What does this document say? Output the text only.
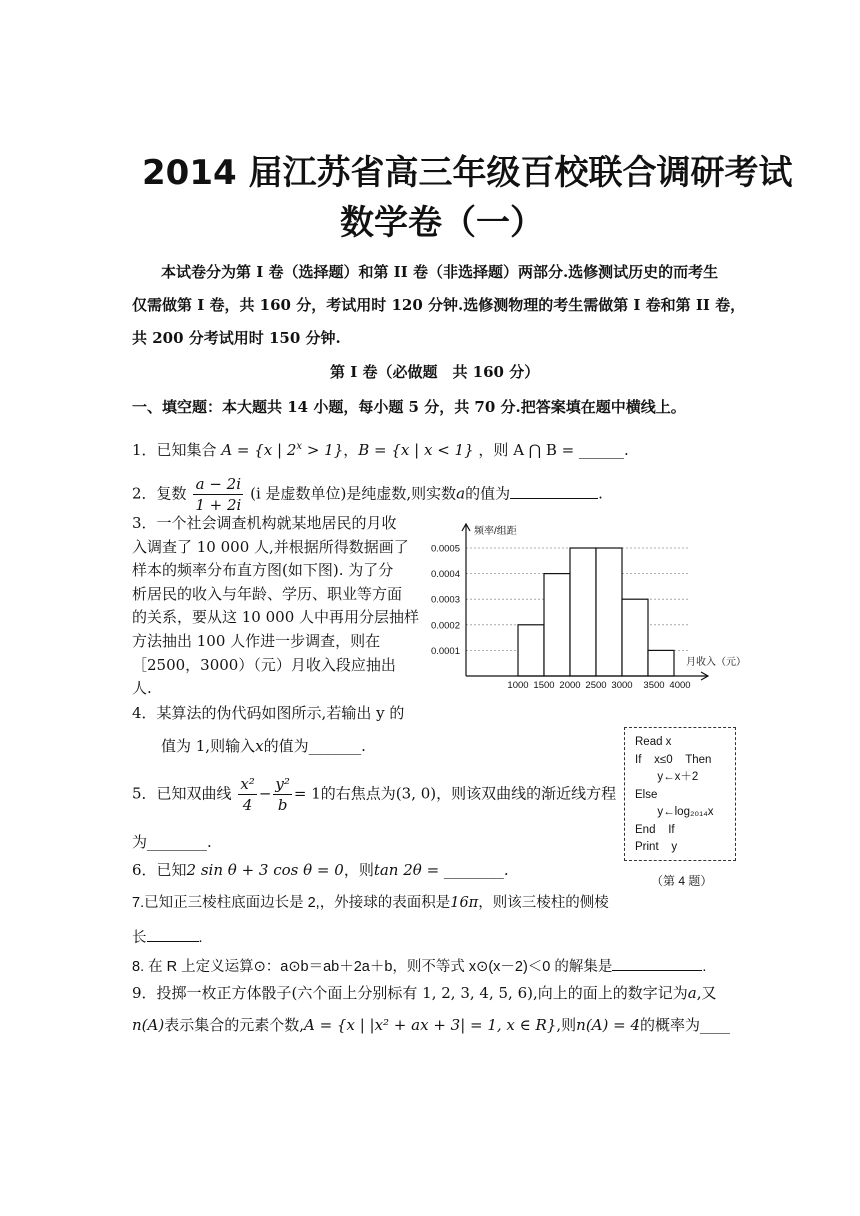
2014 届江苏省高三年级百校联合调研考试
数学卷（一）
本试卷分为第 I 卷（选择题）和第 II 卷（非选择题）两部分.选修测试历史的而考生
仅需做第 I 卷，共 160 分，考试用时 120 分钟.选修测物理的考生需做第 I 卷和第 II 卷，
共 200 分考试用时 150 分钟.
第 I 卷（必做题　共 160 分）
一、填空题：本大题共 14 小题，每小题 5 分，共 70 分.把答案填在题中横线上。
1．已知集合 A = {x | $2^x > 1$}，B = {x | x < 1} ，则 A ⋂ B = ______.
2．复数 $\frac{a - 2i}{1 + 2i} (i$ 是虚数单位)是纯虚数,则实数a的值为	.
3．一个社会调查机构就某地居民的月收
入调查了 10 000 人,并根据所得数据画了
样本的频率分布直方图(如下图). 为了分
析居民的收入与年龄、学历、职业等方面
的关系，要从这 10 000 人中再用分层抽样
方法抽出 100 人作进一步调查，则在
［2500，3000）（元）月收入段应抽出
人.
0.0001
0.0002
0.0003
0.0004
0.0005
1000 1500 2000 2500 3000 3500 4000
频率/组距
月收入（元）
4．某算法的伪代码如图所示,若输出 y 的
值为 1,则输入x的值为_______.	Read x
If    x≤0    Then
y←x＋2
Else
y←log₂₀₁₄x
End    If
Print    y
（第 4 题）
5．已知双曲线 $\frac{\text{x²}}{4} - \frac{\text{y²}}{b} = 1$的右焦点为(3, 0)，则该双曲线的渐近线方程
为________.
6．已知2 sin θ + 3 cos θ = 0，则tan 2θ = ________.
7.已知正三棱柱底面边长是 2,，外接球的表面积是16π，则该三棱柱的侧棱
长	.
8. 在 R 上定义运算⊙：a⊙b＝ab＋2a＋b，则不等式 x⊙(x－2)＜0 的解集是	.
9．投掷一枚正方体骰子(六个面上分别标有 1, 2, 3, 4, 5, 6),向上的面上的数字记为a,又
n(A)表示集合的元素个数,A = {x | |x² + ax + 3| = 1, x ∈ R},则n(A) = 4的概率为____
